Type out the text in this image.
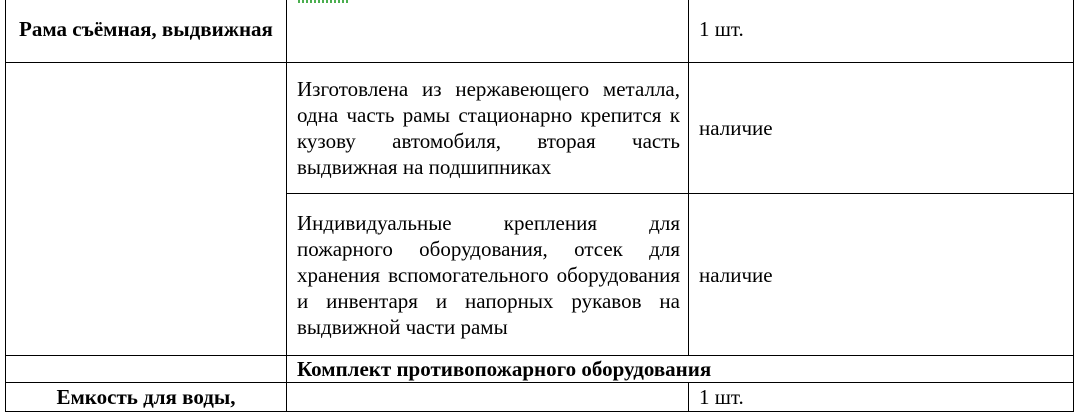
Рама съёмная, выдвижная		1 шт.
	Изготовлена из нержавеющего металла, одна часть рамы стационарно крепится к кузову автомобиля, вторая часть выдвижная на подшипниках	наличие
	Индивидуальные крепления для пожарного оборудования, отсек для хранения вспомогательного оборудования и инвентаря и напорных рукавов на выдвижной части рамы	наличие
	Комплект противопожарного оборудования	
Емкость для воды,		1 шт.
